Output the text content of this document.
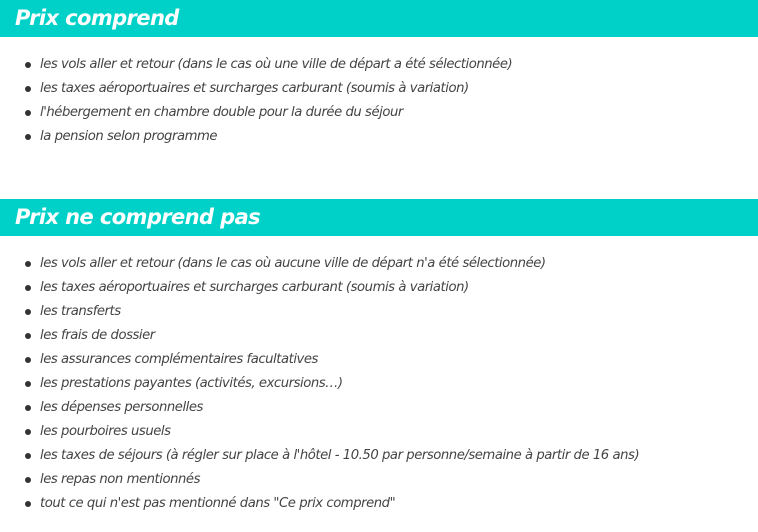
Prix comprend
les vols aller et retour (dans le cas où une ville de départ a été sélectionnée)
les taxes aéroportuaires et surcharges carburant (soumis à variation)
l'hébergement en chambre double pour la durée du séjour
la pension selon programme
Prix ne comprend pas
les vols aller et retour (dans le cas où aucune ville de départ n'a été sélectionnée)
les taxes aéroportuaires et surcharges carburant (soumis à variation)
les transferts
les frais de dossier
les assurances complémentaires facultatives
les prestations payantes (activités, excursions…)
les dépenses personnelles
les pourboires usuels
les taxes de séjours (à régler sur place à l'hôtel - 10.50 par personne/semaine à partir de 16 ans)
les repas non mentionnés
tout ce qui n'est pas mentionné dans "Ce prix comprend"
